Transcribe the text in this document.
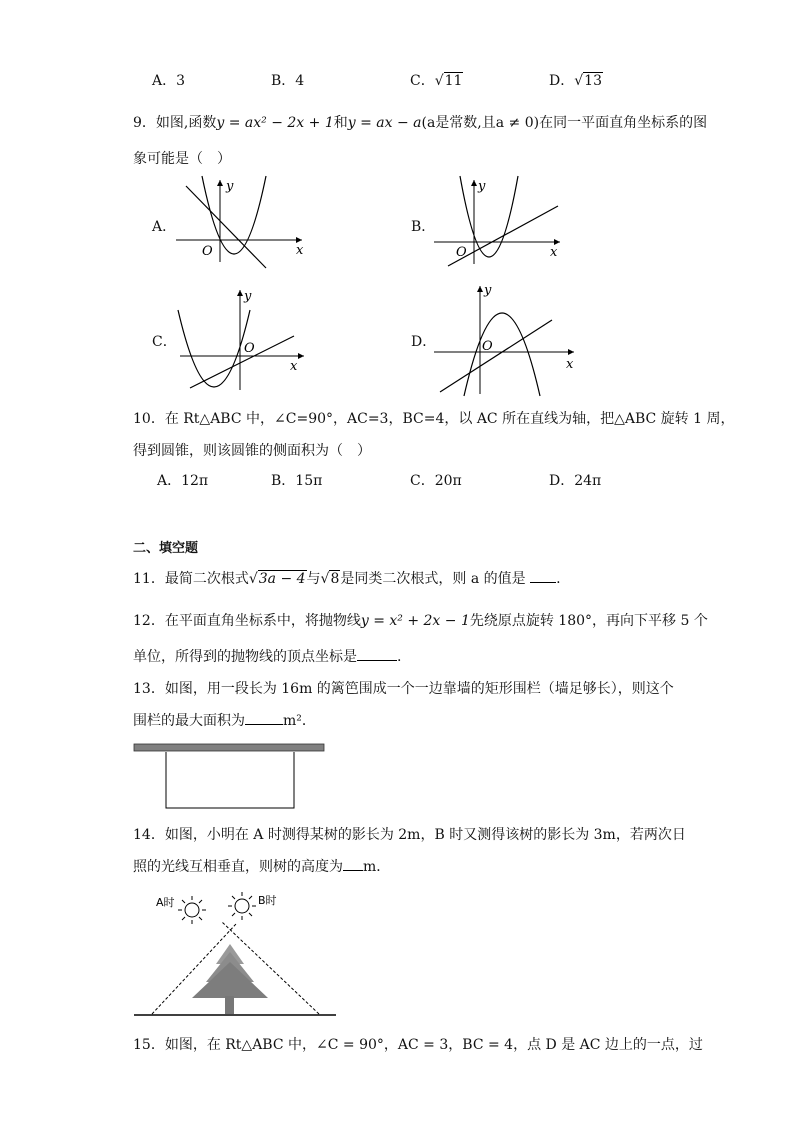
A．3	B．4	C．√11	D．√13
9．如图,函数y = ax² − 2x + 1和y = ax − a(a是常数,且a ≠ 0)在同一平面直角坐标系的图
象可能是（　）
A．	B．
C．	D．
y
x
O
y
x
O
y
x
O
y
x
O
10．在 Rt△ABC 中，∠C=90°，AC=3，BC=4，以 AC 所在直线为轴，把△ABC 旋转 1 周，
得到圆锥，则该圆锥的侧面积为（　）
A．12π	B．15π	C．20π	D．24π
二、填空题
11．最简二次根式√3a − 4与√8是同类二次根式，则 a 的值是 .
12．在平面直角坐标系中，将抛物线y = x² + 2x − 1先绕原点旋转 180°，再向下平移 5 个
单位，所得到的抛物线的顶点坐标是	.
13．如图，用一段长为 16m 的篱笆围成一个一边靠墙的矩形围栏（墙足够长），则这个
围栏的最大面积为	m²．
14．如图，小明在 A 时测得某树的影长为 2m，B 时又测得该树的影长为 3m，若两次日
照的光线互相垂直，则树的高度为 m．
A时	B时
15．如图，在 Rt△ABC 中，∠C = 90°，AC = 3，BC = 4，点 D 是 AC 边上的一点，过
